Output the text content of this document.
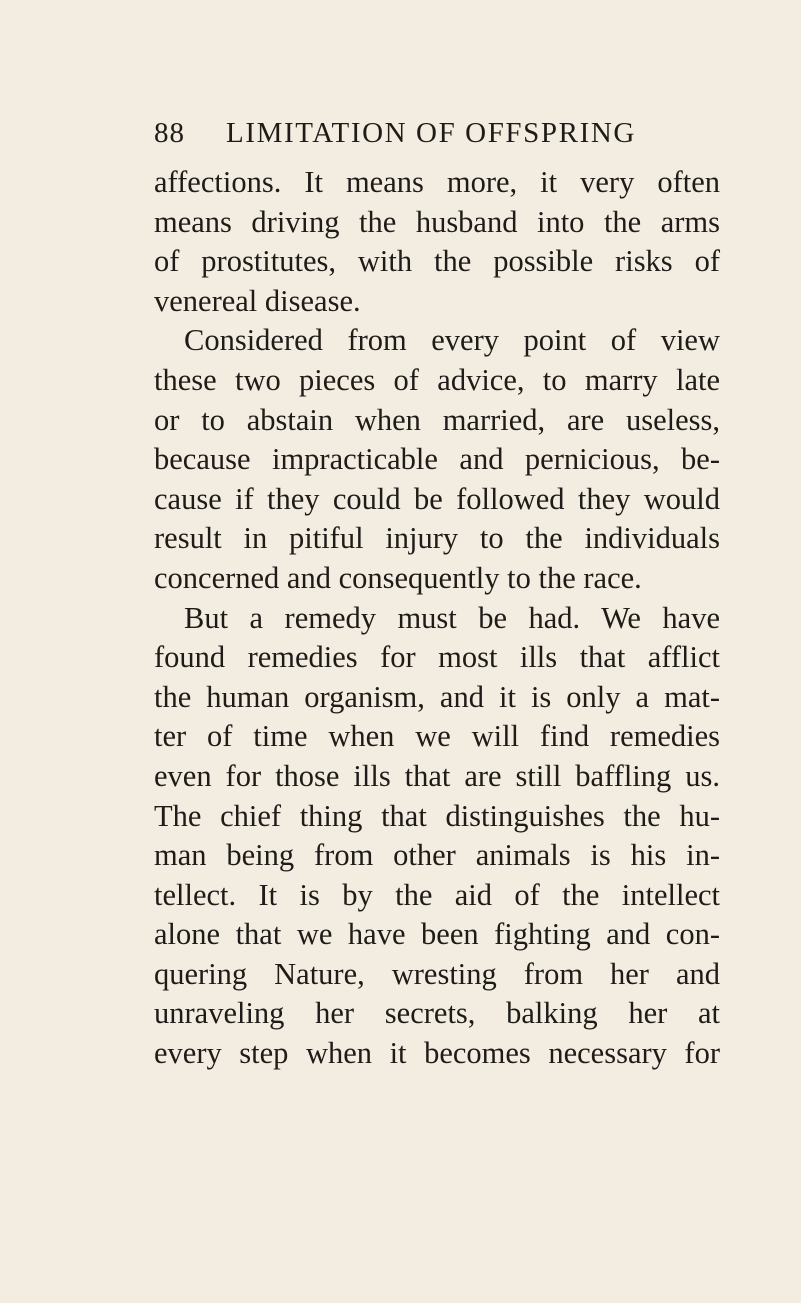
88 LIMITATION OF OFFSPRING
affections. It means more, it very often
means driving the husband into the arms
of prostitutes, with the possible risks of
venereal disease.
Considered from every point of view
these two pieces of advice, to marry late
or to abstain when married, are useless,
because impracticable and pernicious, be-
cause if they could be followed they would
result in pitiful injury to the individuals
concerned and consequently to the race.
But a remedy must be had. We have
found remedies for most ills that afflict
the human organism, and it is only a mat-
ter of time when we will find remedies
even for those ills that are still baffling us.
The chief thing that distinguishes the hu-
man being from other animals is his in-
tellect. It is by the aid of the intellect
alone that we have been fighting and con-
quering Nature, wresting from her and
unraveling her secrets, balking her at
every step when it becomes necessary for
